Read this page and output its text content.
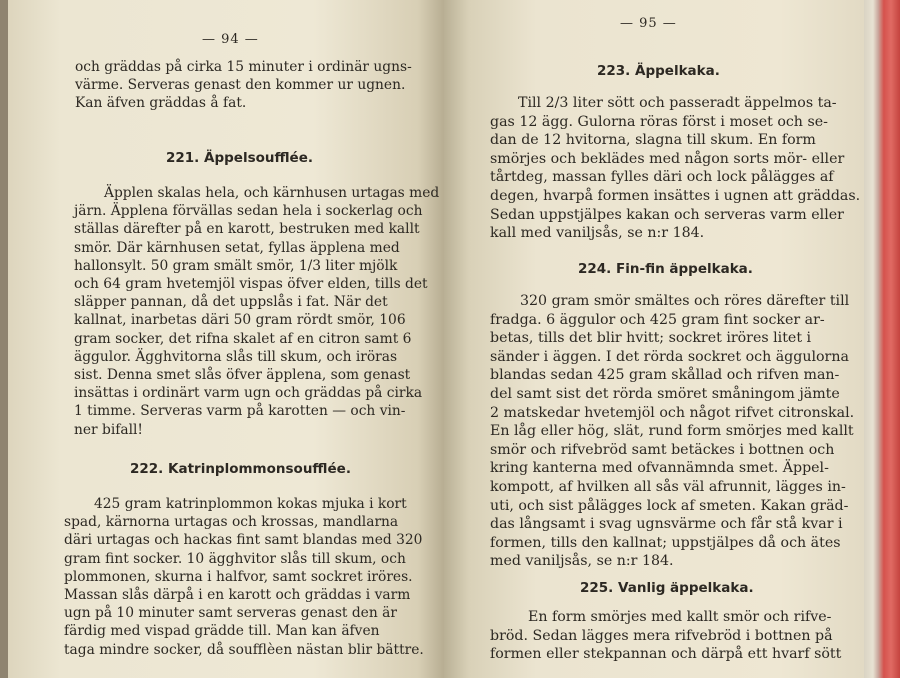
— 94 —
och gräddas på cirka 15 minuter i ordinär ugns-
värme. Serveras genast den kommer ur ugnen.
Kan äfven gräddas å fat.
221. Äppelsoufflée.
Äpplen skalas hela, och kärnhusen urtagas med
järn. Äpplena förvällas sedan hela i sockerlag och
ställas därefter på en karott, bestruken med kallt
smör. Där kärnhusen setat, fyllas äpplena med
hallonsylt. 50 gram smält smör, 1/3 liter mjölk
och 64 gram hvetemjöl vispas öfver elden, tills det
släpper pannan, då det uppslås i fat. När det
kallnat, inarbetas däri 50 gram rördt smör, 106
gram socker, det rifna skalet af en citron samt 6
äggulor. Ägghvitorna slås till skum, och iröras
sist. Denna smet slås öfver äpplena, som genast
insättas i ordinärt varm ugn och gräddas på cirka
1 timme. Serveras varm på karotten — och vin-
ner bifall!
222. Katrinplommonsoufflée.
425 gram katrinplommon kokas mjuka i kort
spad, kärnorna urtagas och krossas, mandlarna
däri urtagas och hackas fint samt blandas med 320
gram fint socker. 10 ägghvitor slås till skum, och
plommonen, skurna i halfvor, samt sockret iröres.
Massan slås därpå i en karott och gräddas i varm
ugn på 10 minuter samt serveras genast den är
färdig med vispad grädde till. Man kan äfven
taga mindre socker, då soufflèen nästan blir bättre.
— 95 —
223. Äppelkaka.
Till 2/3 liter sött och passeradt äppelmos ta-
gas 12 ägg. Gulorna röras först i moset och se-
dan de 12 hvitorna, slagna till skum. En form
smörjes och beklädes med någon sorts mör- eller
tårtdeg, massan fylles däri och lock pålägges af
degen, hvarpå formen insättes i ugnen att gräddas.
Sedan uppstjälpes kakan och serveras varm eller
kall med vaniljsås, se n:r 184.
224. Fin-fin äppelkaka.
320 gram smör smältes och röres därefter till
fradga. 6 äggulor och 425 gram fint socker ar-
betas, tills det blir hvitt; sockret iröres litet i
sänder i äggen. I det rörda sockret och äggulorna
blandas sedan 425 gram skållad och rifven man-
del samt sist det rörda smöret småningom jämte
2 matskedar hvetemjöl och något rifvet citronskal.
En låg eller hög, slät, rund form smörjes med kallt
smör och rifvebröd samt betäckes i bottnen och
kring kanterna med ofvannämnda smet. Äppel-
kompott, af hvilken all sås väl afrunnit, lägges in-
uti, och sist pålägges lock af smeten. Kakan gräd-
das långsamt i svag ugnsvärme och får stå kvar i
formen, tills den kallnat; uppstjälpes då och ätes
med vaniljsås, se n:r 184.
225. Vanlig äppelkaka.
En form smörjes med kallt smör och rifve-
bröd. Sedan lägges mera rifvebröd i bottnen på
formen eller stekpannan och därpå ett hvarf sött
